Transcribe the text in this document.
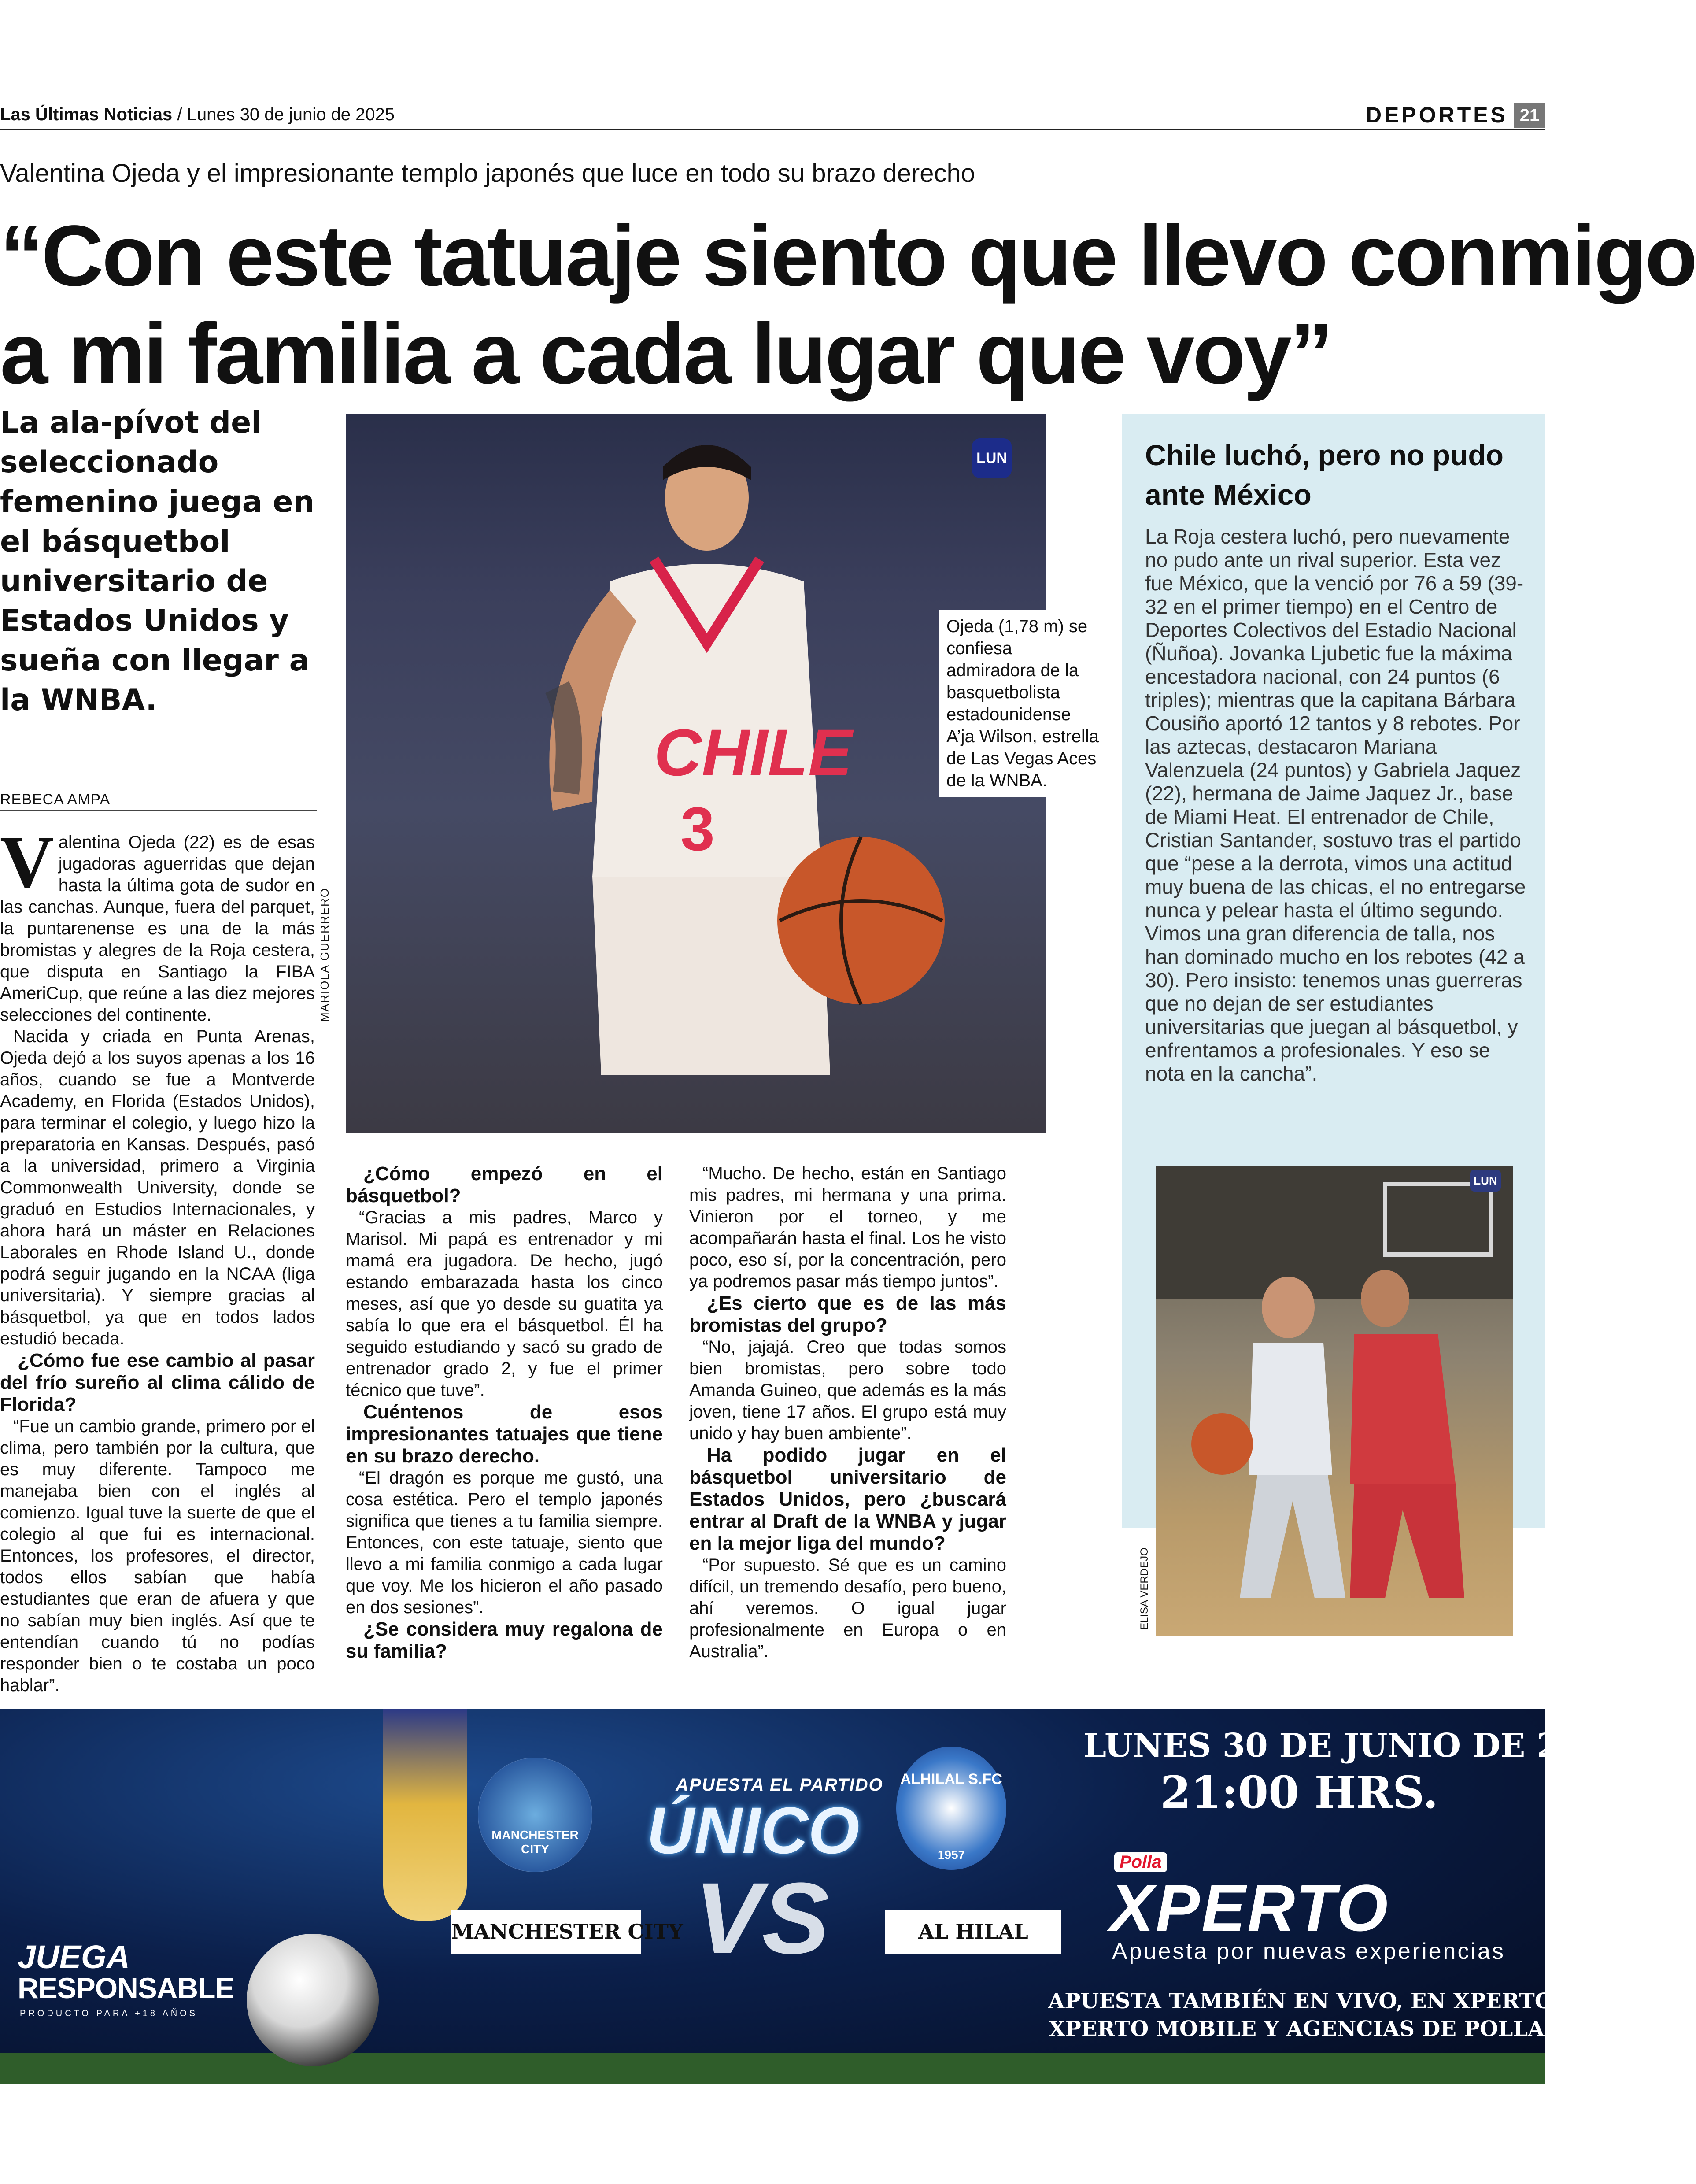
Las Últimas Noticias / Lunes 30 de junio de 2025	DEPORTES 21
Valentina Ojeda y el impresionante templo japonés que luce en todo su brazo derecho
“Con este tatuaje siento que llevo conmigo
a mi familia a cada lugar que voy”
La ala-pívot del seleccionado femenino juega en el básquetbol universitario de Estados Unidos y sueña con llegar a la WNBA.
CHILE
3
LUN
Ojeda (1,78 m) se confiesa admiradora de la basquetbolista estadounidense A’ja Wilson, estrella de Las Vegas Aces de la WNBA.
MARIOLA GUERRERO
REBECA AMPA

Valentina Ojeda (22) es de esas jugadoras aguerridas que dejan hasta la última gota de sudor en las canchas. Aunque, fuera del parquet, la puntarenense es una de la más bromistas y alegres de la Roja cestera, que disputa en Santiago la FIBA AmeriCup, que reúne a las diez mejores selecciones del continente.

Nacida y criada en Punta Arenas, Ojeda dejó a los suyos apenas a los 16 años, cuando se fue a Montverde Academy, en Florida (Estados Unidos), para terminar el colegio, y luego hizo la preparatoria en Kansas. Después, pasó a la universidad, primero a Virginia Commonwealth University, donde se graduó en Estudios Internacionales, y ahora hará un máster en Relaciones Laborales en Rhode Island U., donde podrá seguir jugando en la NCAA (liga universitaria). Y siempre gracias al básquetbol, ya que en todos lados estudió becada.

¿Cómo fue ese cambio al pasar del frío sureño al clima cálido de Florida?

“Fue un cambio grande, primero por el clima, pero también por la cultura, que es muy diferente. Tampoco me manejaba bien con el inglés al comienzo. Igual tuve la suerte de que el colegio al que fui es internacional. Entonces, los profesores, el director, todos ellos sabían que había estudiantes que eran de afuera y que no sabían muy bien inglés. Así que te entendían cuando tú no podías responder bien o te costaba un poco hablar”.

¿Cómo empezó en el básquetbol?

“Gracias a mis padres, Marco y Marisol. Mi papá es entrenador y mi mamá era jugadora. De hecho, jugó estando embarazada hasta los cinco meses, así que yo desde su guatita ya sabía lo que era el básquetbol. Él ha seguido estudiando y sacó su grado de entrenador grado 2, y fue el primer técnico que tuve”.

Cuéntenos de esos impresionantes tatuajes que tiene en su brazo derecho.

“El dragón es porque me gustó, una cosa estética. Pero el templo japonés significa que tienes a tu familia siempre. Entonces, con este tatuaje, siento que llevo a mi familia conmigo a cada lugar que voy. Me los hicieron el año pasado en dos sesiones”.

¿Se considera muy regalona de su familia?

“Mucho. De hecho, están en Santiago mis padres, mi hermana y una prima. Vinieron por el torneo, y me acompañarán hasta el final. Los he visto poco, eso sí, por la concentración, pero ya podremos pasar más tiempo juntos”.

¿Es cierto que es de las más bromistas del grupo?

“No, jajajá. Creo que todas somos bien bromistas, pero sobre todo Amanda Guineo, que además es la más joven, tiene 17 años. El grupo está muy unido y hay buen ambiente”.

Ha podido jugar en el básquetbol universitario de Estados Unidos, pero ¿buscará entrar al Draft de la WNBA y jugar en la mejor liga del mundo?

“Por supuesto. Sé que es un camino difícil, un tremendo desafío, pero bueno, ahí veremos. O igual jugar profesionalmente en Europa o en Australia”.

Chile luchó, pero no pudo ante México
La Roja cestera luchó, pero nuevamente no pudo ante un rival superior. Esta vez fue México, que la venció por 76 a 59 (39-32 en el primer tiempo) en el Centro de Deportes Colectivos del Estadio Nacional (Ñuñoa). Jovanka Ljubetic fue la máxima encestadora nacional, con 24 puntos (6 triples); mientras que la capitana Bárbara Cousiño aportó 12 tantos y 8 rebotes. Por las aztecas, destacaron Mariana Valenzuela (24 puntos) y Gabriela Jaquez (22), hermana de Jaime Jaquez Jr., base de Miami Heat. El entrenador de Chile, Cristian Santander, sostuvo tras el partido que “pese a la derrota, vimos una actitud muy buena de las chicas, el no entregarse nunca y pelear hasta el último segundo. Vimos una gran diferencia de talla, nos han dominado mucho en los rebotes (42 a 30). Pero insisto: tenemos unas guerreras que no dejan de ser estudiantes universitarias que juegan al básquetbol, y enfrentamos a profesionales. Y eso se nota en la cancha”.
LUN
ELISA VERDEJO
JUEGA
RESPONSABLE
PRODUCTO PARA +18 AÑOS
MANCHESTER CITY
ALHILAL S.FC
1957
APUESTA EL PARTIDO
ÚNICO
VS
MANCHESTER CITY	AL HILAL
LUNES 30 DE JUNIO DE 2025
21:00 HRS.
Polla
XPERTO
Apuesta por nuevas experiencias
APUESTA TAMBIÉN EN VIVO, EN XPERTO.CL,
XPERTO MOBILE Y AGENCIAS DE POLLA
